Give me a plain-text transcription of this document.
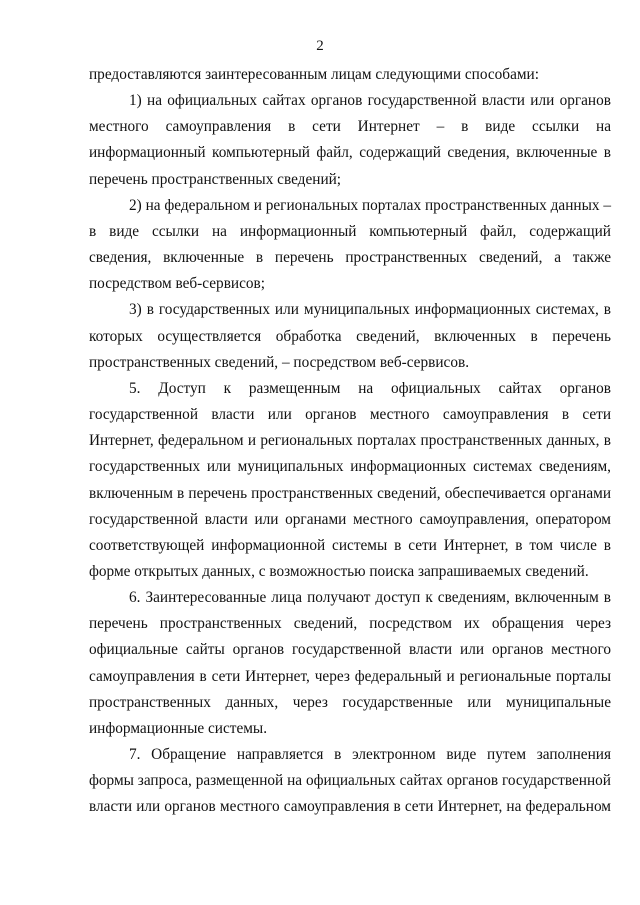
2

предоставляются заинтересованным лицам следующими способами:

1) на официальных сайтах органов государственной власти или органов местного самоуправления в сети Интернет – в виде ссылки на информационный компьютерный файл, содержащий сведения, включенные в перечень пространственных сведений;

2) на федеральном и региональных порталах пространственных данных – в виде ссылки на информационный компьютерный файл, содержащий сведения, включенные в перечень пространственных сведений, а также посредством веб-сервисов;

3) в государственных или муниципальных информационных системах, в которых осуществляется обработка сведений, включенных в перечень пространственных сведений, – посредством веб-сервисов.

5. Доступ к размещенным на официальных сайтах органов государственной власти или органов местного самоуправления в сети Интернет, федеральном и региональных порталах пространственных данных, в государственных или муниципальных информационных системах сведениям, включенным в перечень пространственных сведений, обеспечивается органами государственной власти или органами местного самоуправления, оператором соответствующей информационной системы в сети Интернет, в том числе в форме открытых данных, с возможностью поиска запрашиваемых сведений.

6. Заинтересованные лица получают доступ к сведениям, включенным в перечень пространственных сведений, посредством их обращения через официальные сайты органов государственной власти или органов местного самоуправления в сети Интернет, через федеральный и региональные порталы пространственных данных, через государственные или муниципальные информационные системы.

7. Обращение направляется в электронном виде путем заполнения формы запроса, размещенной на официальных сайтах органов государственной власти или органов местного самоуправления в сети Интернет, на федеральном
